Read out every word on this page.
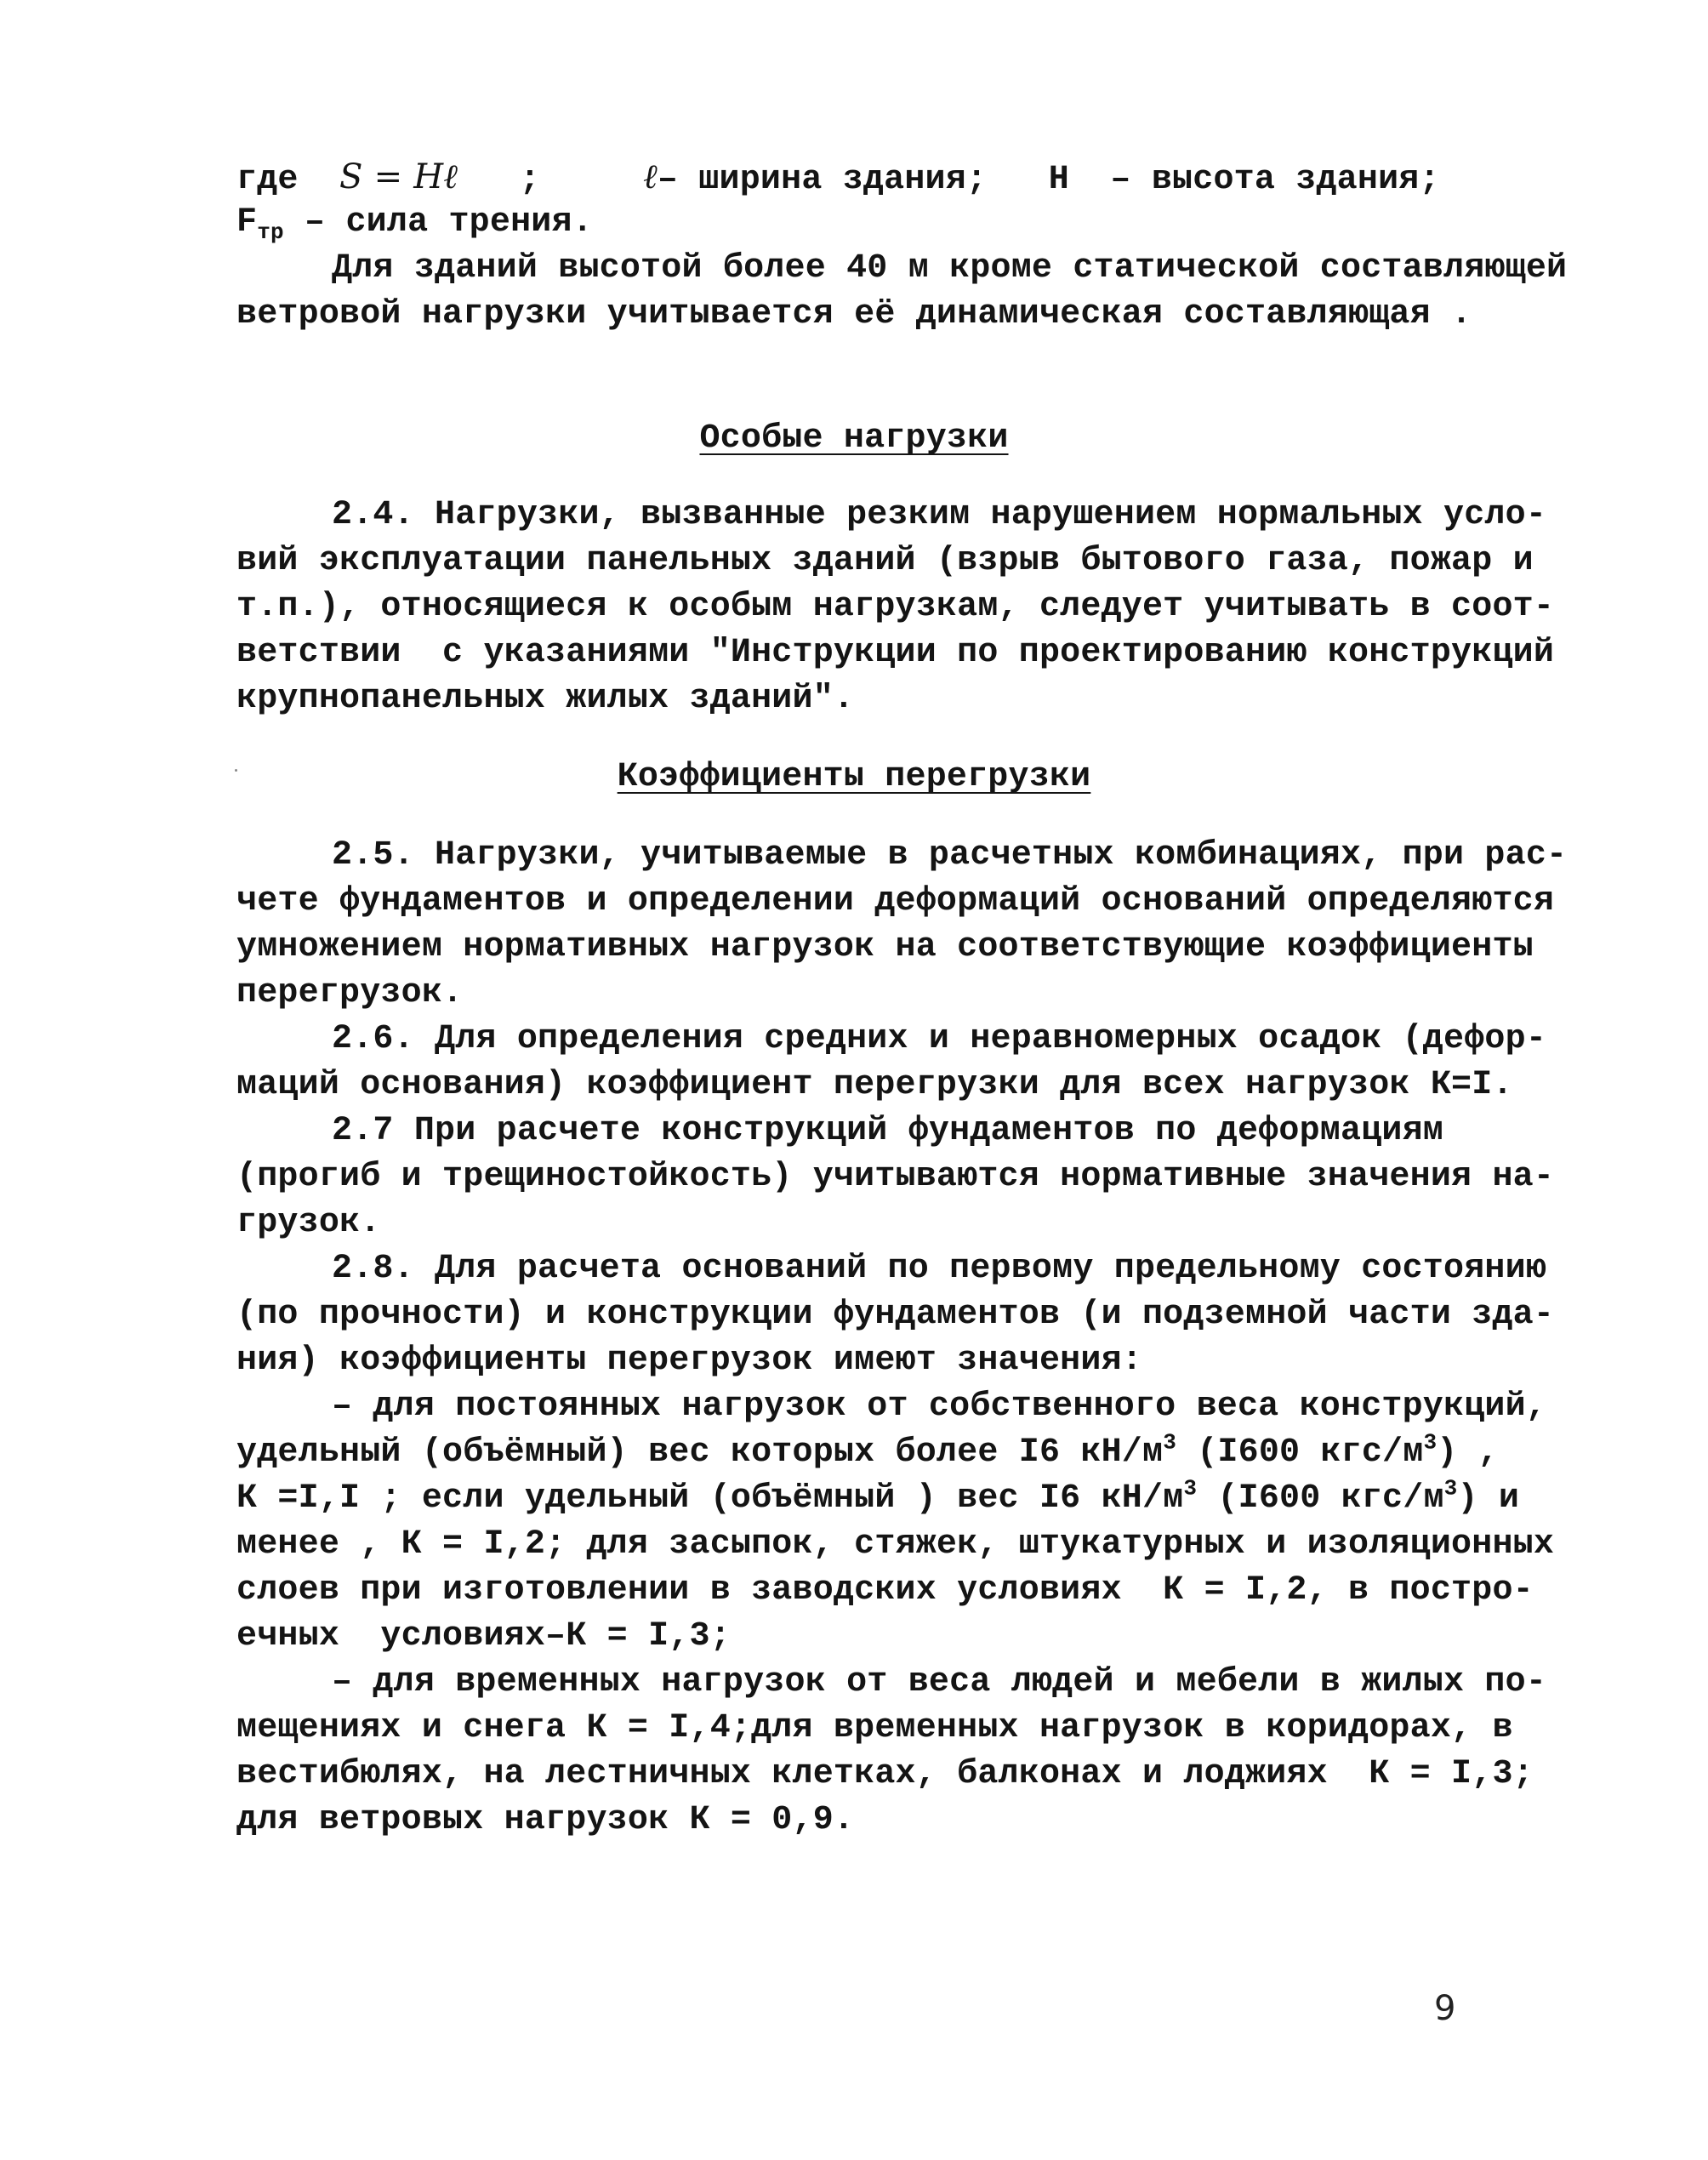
где S = Hℓ ;	ℓ– ширина здания; H – высота здания;
$F_{тр}$ – сила трения.
Для зданий высотой более 40 м кроме статической составляющей
ветровой нагрузки учитывается её динамическая составляющая .
Особые нагрузки
2.4. Нагрузки, вызванные резким нарушением нормальных усло-
вий эксплуатации панельных зданий (взрыв бытового газа, пожар и
т.п.), относящиеся к особым нагрузкам, следует учитывать в соот-
ветствии  с указаниями "Инструкции по проектированию конструкций
крупнопанельных жилых зданий".
Коэффициенты перегрузки
2.5. Нагрузки, учитываемые в расчетных комбинациях, при рас-
чете фундаментов и определении деформаций оснований определяются
умножением нормативных нагрузок на соответствующие коэффициенты
перегрузок.
2.6. Для определения средних и неравномерных осадок (дефор-
маций основания) коэффициент перегрузки для всех нагрузок К=I.
2.7 При расчете конструкций фундаментов по деформациям
(прогиб и трещиностойкость) учитываются нормативные значения на-
грузок.
2.8. Для расчета оснований по первому предельному состоянию
(по прочности) и конструкции фундаментов (и подземной части зда-
ния) коэффициенты перегрузок имеют значения:
– для постоянных нагрузок от собственного веса конструкций,
удельный (объёмный) вес которых более I6 $кН/м^3$ (I600 кгс/$м^3$) ,
К =I,I ; если удельный (объёмный ) вес I6 $кН/м^3$ (I600 кгс/$м^3$) и
менее , К = I,2; для засыпок, стяжек, штукатурных и изоляционных
слоев при изготовлении в заводских условиях  К = I,2, в постро-
ечных  условиях–К = I,3;
– для временных нагрузок от веса людей и мебели в жилых по-
мещениях и снега К = I,4;для временных нагрузок в коридорах, в
вестибюлях, на лестничных клетках, балконах и лоджиях  К = I,3;
для ветровых нагрузок К = 0,9.
9
